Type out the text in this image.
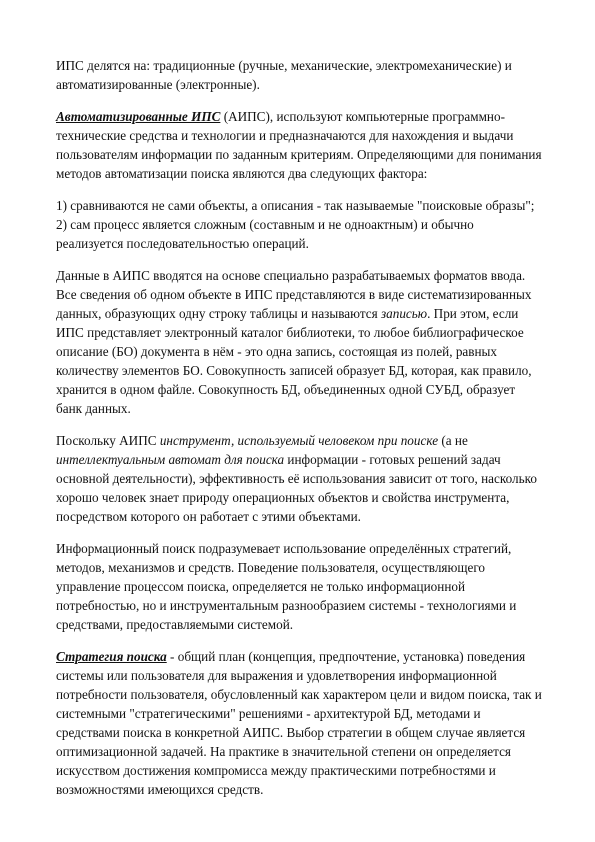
ИПС делятся на: традиционные (ручные, механические, электромеханические) и автоматизированные (электронные).

Автоматизированные ИПС (АИПС), используют компьютерные программно-технические средства и технологии и предназначаются для нахождения и выдачи пользователям информации по заданным критериям. Определяющими для понимания методов автоматизации поиска являются два следующих фактора:

1) сравниваются не сами объекты, а описания - так называемые "поисковые образы";
2) сам процесс является сложным (составным и не одноактным) и обычно реализуется последовательностью операций.

Данные в АИПС вводятся на основе специально разрабатываемых форматов ввода. Все сведения об одном объекте в ИПС представляются в виде систематизированных данных, образующих одну строку таблицы и называются записью. При этом, если ИПС представляет электронный каталог библиотеки, то любое библиографическое описание (БО) документа в нём - это одна запись, состоящая из полей, равных количеству элементов БО. Совокупность записей образует БД, которая, как правило, хранится в одном файле. Совокупность БД, объединенных одной СУБД, образует банк данных.

Поскольку АИПС инструмент, используемый человеком при поиске (а не интеллектуальным автомат для поиска информации - готовых решений задач основной деятельности), эффективность её использования зависит от того, насколько хорошо человек знает природу операционных объектов и свойства инструмента, посредством которого он работает с этими объектами.

Информационный поиск подразумевает использование определённых стратегий, методов, механизмов и средств. Поведение пользователя, осуществляющего управление процессом поиска, определяется не только информационной потребностью, но и инструментальным разнообразием системы - технологиями и средствами, предоставляемыми системой.

Стратегия поиска - общий план (концепция, предпочтение, установка) поведения системы или пользователя для выражения и удовлетворения информационной потребности пользователя, обусловленный как характером цели и видом поиска, так и системными "стратегическими" решениями - архитектурой БД, методами и средствами поиска в конкретной АИПС. Выбор стратегии в общем случае является оптимизационной задачей. На практике в значительной степени он определяется искусством достижения компромисса между практическими потребностями и возможностями имеющихся средств.
